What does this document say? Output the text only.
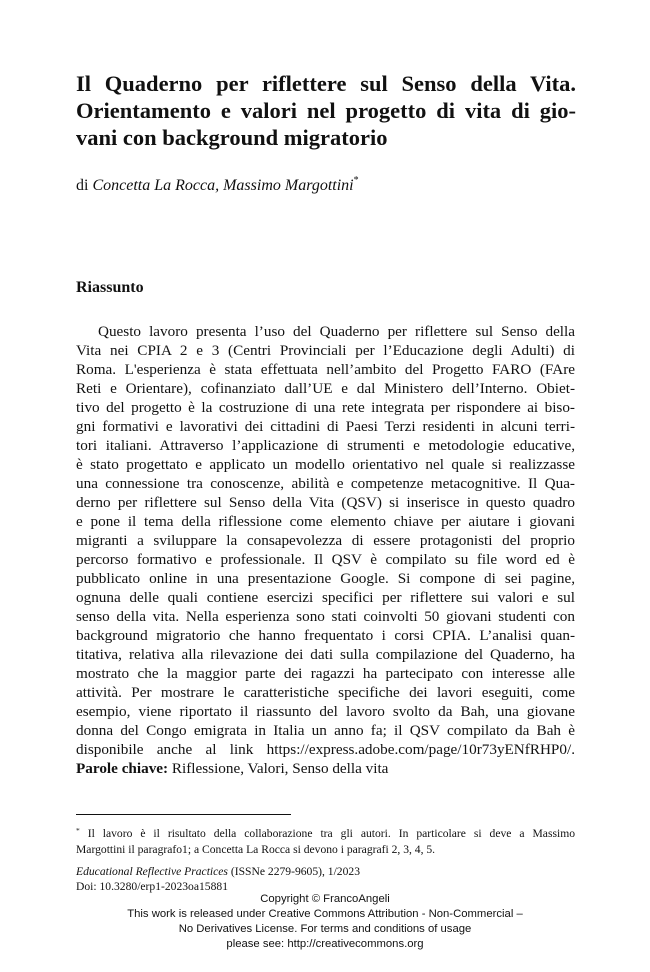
Il Quaderno per riflettere sul Senso della Vita.
Orientamento e valori nel progetto di vita di gio-
vani con background migratorio
di Concetta La Rocca, Massimo Margottini*
Riassunto
Questo lavoro presenta l’uso del Quaderno per riflettere sul Senso della
Vita nei CPIA 2 e 3 (Centri Provinciali per l’Educazione degli Adulti) di
Roma. L'esperienza è stata effettuata nell’ambito del Progetto FARO (FAre
Reti e Orientare), cofinanziato dall’UE e dal Ministero dell’Interno. Obiet-
tivo del progetto è la costruzione di una rete integrata per rispondere ai biso-
gni formativi e lavorativi dei cittadini di Paesi Terzi residenti in alcuni terri-
tori italiani. Attraverso l’applicazione di strumenti e metodologie educative,
è stato progettato e applicato un modello orientativo nel quale si realizzasse
una connessione tra conoscenze, abilità e competenze metacognitive. Il Qua-
derno per riflettere sul Senso della Vita (QSV) si inserisce in questo quadro
e pone il tema della riflessione come elemento chiave per aiutare i giovani
migranti a sviluppare la consapevolezza di essere protagonisti del proprio
percorso formativo e professionale. Il QSV è compilato su file word ed è
pubblicato online in una presentazione Google. Si compone di sei pagine,
ognuna delle quali contiene esercizi specifici per riflettere sui valori e sul
senso della vita. Nella esperienza sono stati coinvolti 50 giovani studenti con
background migratorio che hanno frequentato i corsi CPIA. L’analisi quan-
titativa, relativa alla rilevazione dei dati sulla compilazione del Quaderno, ha
mostrato che la maggior parte dei ragazzi ha partecipato con interesse alle
attività. Per mostrare le caratteristiche specifiche dei lavori eseguiti, come
esempio, viene riportato il riassunto del lavoro svolto da Bah, una giovane
donna del Congo emigrata in Italia un anno fa; il QSV compilato da Bah è
disponibile anche al link https://express.adobe.com/page/10r73yENfRHP0/.
Parole chiave: Riflessione, Valori, Senso della vita
* Il lavoro è il risultato della collaborazione tra gli autori. In particolare si deve a Massimo
Margottini il paragrafo1; a Concetta La Rocca si devono i paragrafi 2, 3, 4, 5.
Educational Reflective Practices (ISSNe 2279-9605), 1/2023
Doi: 10.3280/erp1-2023oa15881
Copyright © FrancoAngeli
This work is released under Creative Commons Attribution - Non-Commercial –
No Derivatives License. For terms and conditions of usage
please see: http://creativecommons.org
